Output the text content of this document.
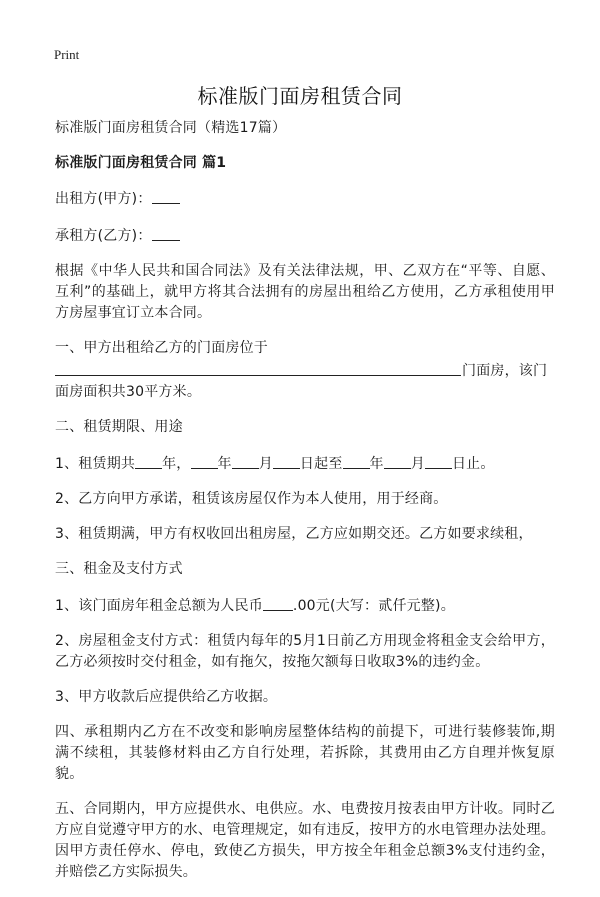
Print
标准版门面房租赁合同

标准版门面房租赁合同（精选17篇）

标准版门面房租赁合同 篇1

出租方(甲方)：

承租方(乙方)：

根据《中华人民共和国合同法》及有关法律法规，甲、乙双方在“平等、自愿、互利”的基础上，就甲方将其合法拥有的房屋出租给乙方使用，乙方承租使用甲方房屋事宜订立本合同。

一、甲方出租给乙方的门面房位于
门面房，该门
面房面积共30平方米。

二、租赁期限、用途

1、租赁期共 年， 年 月 日起至 年 月 日止。

2、乙方向甲方承诺，租赁该房屋仅作为本人使用，用于经商。

3、租赁期满，甲方有权收回出租房屋，乙方应如期交还。乙方如要求续租，

三、租金及支付方式

1、该门面房年租金总额为人民币 .00元(大写：贰仟元整)。

2、房屋租金支付方式：租赁内每年的5月1日前乙方用现金将租金支会给甲方，乙方必须按时交付租金，如有拖欠，按拖欠额每日收取3%的违约金。

3、甲方收款后应提供给乙方收据。

四、承租期内乙方在不改变和影响房屋整体结构的前提下，可进行装修装饰,期满不续租，其装修材料由乙方自行处理，若拆除，其费用由乙方自理并恢复原貌。

五、合同期内，甲方应提供水、电供应。水、电费按月按表由甲方计收。同时乙方应自觉遵守甲方的水、电管理规定，如有违反，按甲方的水电管理办法处理。因甲方责任停水、停电，致使乙方损失，甲方按全年租金总额3%支付违约金，并赔偿乙方实际损失。
